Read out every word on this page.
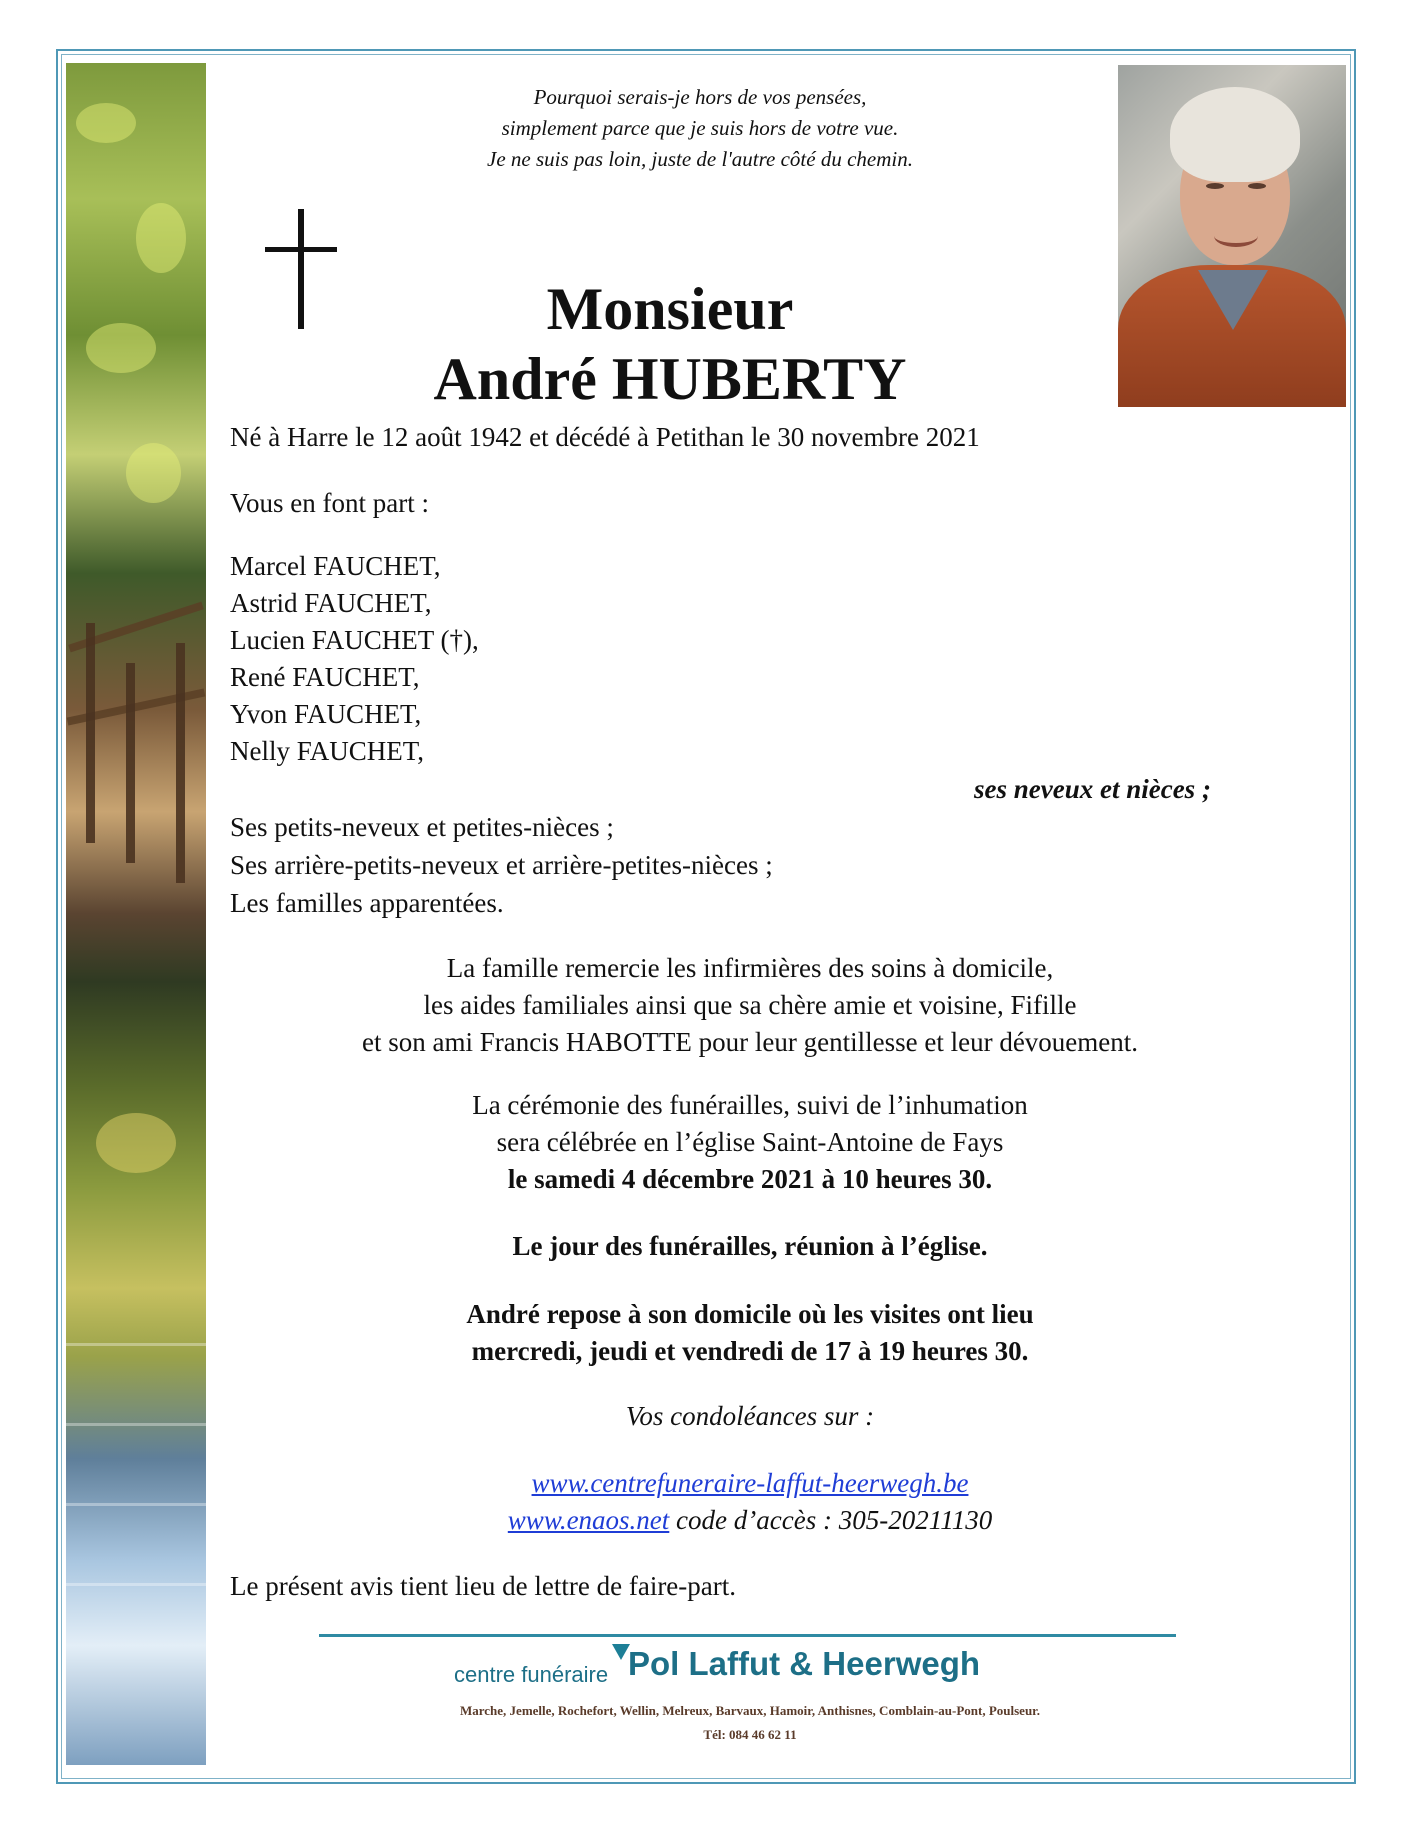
Pourquoi serais-je hors de vos pensées,
simplement parce que je suis hors de votre vue.
Je ne suis pas loin, juste de l'autre côté du chemin.
Monsieur
André HUBERTY
Né à Harre le 12 août 1942 et décédé à Petithan le 30 novembre 2021
Vous en font part :
Marcel FAUCHET,
Astrid FAUCHET,
Lucien FAUCHET (†),
René FAUCHET,
Yvon FAUCHET,
Nelly FAUCHET,
ses neveux et nièces ;
Ses petits-neveux et petites-nièces ;
Ses arrière-petits-neveux et arrière-petites-nièces ;
Les familles apparentées.
La famille remercie les infirmières des soins à domicile,
les aides familiales ainsi que sa chère amie et voisine, Fifille
et son ami Francis HABOTTE pour leur gentillesse et leur dévouement.
La cérémonie des funérailles, suivi de l’inhumation
sera célébrée en l’église Saint-Antoine de Fays
le samedi 4 décembre 2021 à 10 heures 30.
Le jour des funérailles, réunion à l’église.
André repose à son domicile où les visites ont lieu
mercredi, jeudi et vendredi de 17 à 19 heures 30.
Vos condoléances sur :
www.centrefuneraire-laffut-heerwegh.be
www.enaos.net code d’accès : 305-20211130
Le présent avis tient lieu de lettre de faire-part.
centre funéraire Pol Laffut & Heerwegh
Marche, Jemelle, Rochefort, Wellin, Melreux, Barvaux, Hamoir, Anthisnes, Comblain-au-Pont, Poulseur.
Tél: 084 46 62 11
